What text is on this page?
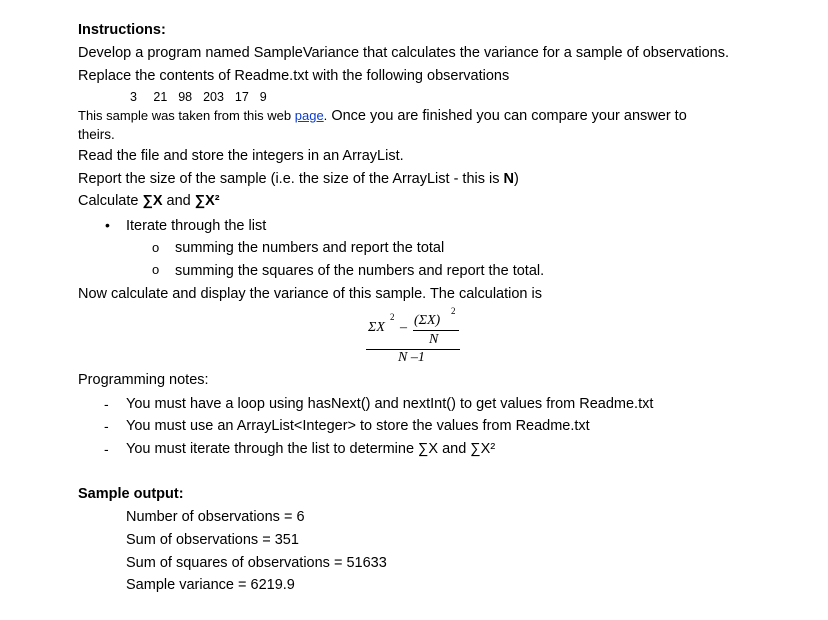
Instructions:
Develop a program named SampleVariance that calculates the variance for a sample of observations.
Replace the contents of Readme.txt with the following observations
3   21  98  203  17  9
This sample was taken from this web page. Once you are finished you can compare your answer to
theirs.
Read the file and store the integers in an ArrayList.
Report the size of the sample (i.e. the size of the ArrayList - this is N)
Calculate ∑X and ∑X²
• Iterate through the list
o summing the numbers and report the total
o summing the squares of the numbers and report the total.
Now calculate and display the variance of this sample. The calculation is
ΣX
2
– (ΣX)
2
N
N –1
Programming notes:
- You must have a loop using hasNext() and nextInt() to get values from Readme.txt
- You must use an ArrayList<Integer> to store the values from Readme.txt
- You must iterate through the list to determine ∑X and ∑X²
Sample output:
Number of observations = 6
Sum of observations = 351
Sum of squares of observations = 51633
Sample variance = 6219.9
